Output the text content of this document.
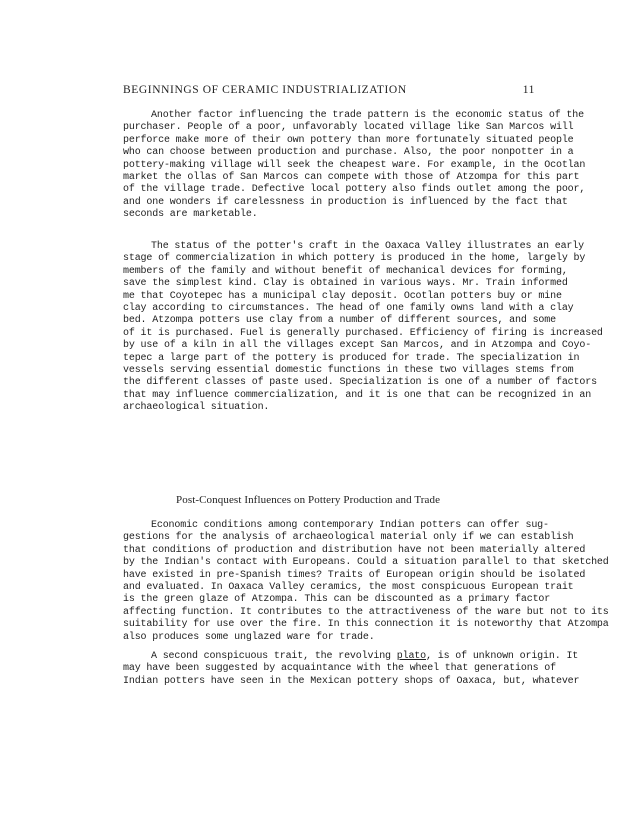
BEGINNINGS OF CERAMIC INDUSTRIALIZATION	11
Another factor influencing the trade pattern is the economic status of the
purchaser. People of a poor, unfavorably located village like San Marcos will
perforce make more of their own pottery than more fortunately situated people
who can choose between production and purchase. Also, the poor nonpotter in a
pottery-making village will seek the cheapest ware. For example, in the Ocotlan
market the ollas of San Marcos can compete with those of Atzompa for this part
of the village trade. Defective local pottery also finds outlet among the poor,
and one wonders if carelessness in production is influenced by the fact that
seconds are marketable.
The status of the potter's craft in the Oaxaca Valley illustrates an early
stage of commercialization in which pottery is produced in the home, largely by
members of the family and without benefit of mechanical devices for forming,
save the simplest kind. Clay is obtained in various ways. Mr. Train informed
me that Coyotepec has a municipal clay deposit. Ocotlan potters buy or mine
clay according to circumstances. The head of one family owns land with a clay
bed. Atzompa potters use clay from a number of different sources, and some
of it is purchased. Fuel is generally purchased. Efficiency of firing is increased
by use of a kiln in all the villages except San Marcos, and in Atzompa and Coyo-
tepec a large part of the pottery is produced for trade. The specialization in
vessels serving essential domestic functions in these two villages stems from
the different classes of paste used. Specialization is one of a number of factors
that may influence commercialization, and it is one that can be recognized in an
archaeological situation.
Post-Conquest Influences on Pottery Production and Trade
Economic conditions among contemporary Indian potters can offer sug-
gestions for the analysis of archaeological material only if we can establish
that conditions of production and distribution have not been materially altered
by the Indian's contact with Europeans. Could a situation parallel to that sketched
have existed in pre-Spanish times? Traits of European origin should be isolated
and evaluated. In Oaxaca Valley ceramics, the most conspicuous European trait
is the green glaze of Atzompa. This can be discounted as a primary factor
affecting function. It contributes to the attractiveness of the ware but not to its
suitability for use over the fire. In this connection it is noteworthy that Atzompa
also produces some unglazed ware for trade.
A second conspicuous trait, the revolving plato, is of unknown origin. It
may have been suggested by acquaintance with the wheel that generations of
Indian potters have seen in the Mexican pottery shops of Oaxaca, but, whatever
